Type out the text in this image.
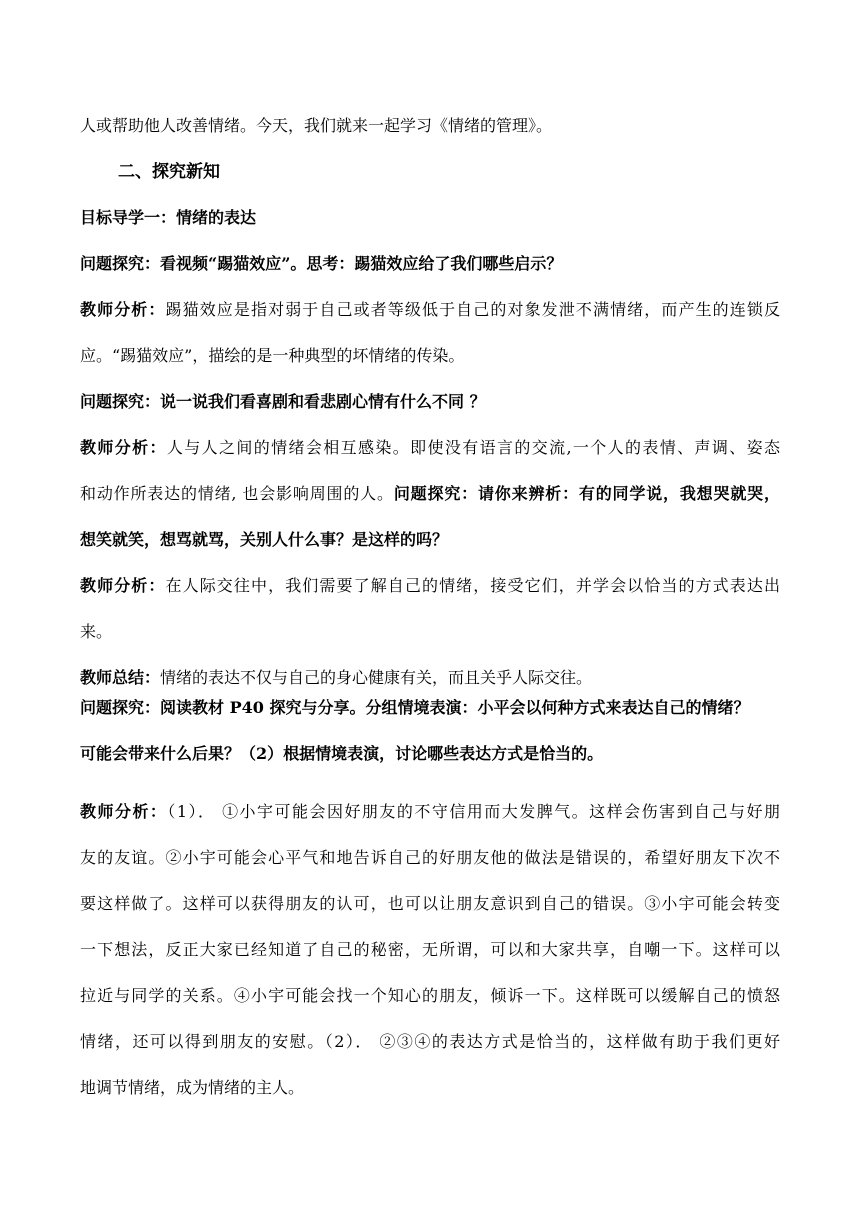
人或帮助他人改善情绪。今天，我们就来一起学习《情绪的管理》。
二、探究新知
目标导学一：情绪的表达
问题探究：看视频“踢猫效应”。思考：踢猫效应给了我们哪些启示？
教师分析：踢猫效应是指对弱于自己或者等级低于自己的对象发泄不满情绪，而产生的连锁反
应。“踢猫效应”，描绘的是一种典型的坏情绪的传染。
问题探究：说一说我们看喜剧和看悲剧心情有什么不同 ？
教师分析：人与人之间的情绪会相互感染。即使没有语言的交流,一个人的表情、声调、姿态
和动作所表达的情绪, 也会影响周围的人。问题探究：请你来辨析：有的同学说，我想哭就哭，
想笑就笑，想骂就骂，关别人什么事？是这样的吗？
教师分析：在人际交往中，我们需要了解自己的情绪，接受它们，并学会以恰当的方式表达出
来。
教师总结：情绪的表达不仅与自己的身心健康有关，而且关乎人际交往。
问题探究：阅读教材 P40 探究与分享。分组情境表演：小平会以何种方式来表达自己的情绪？
可能会带来什么后果？（2）根据情境表演，讨论哪些表达方式是恰当的。
教师分析：（1）． ①小宇可能会因好朋友的不守信用而大发脾气。这样会伤害到自己与好朋
友的友谊。②小宇可能会心平气和地告诉自己的好朋友他的做法是错误的，希望好朋友下次不
要这样做了。这样可以获得朋友的认可，也可以让朋友意识到自己的错误。③小宇可能会转变
一下想法，反正大家已经知道了自己的秘密，无所谓，可以和大家共享，自嘲一下。这样可以
拉近与同学的关系。④小宇可能会找一个知心的朋友，倾诉一下。这样既可以缓解自己的愤怒
情绪，还可以得到朋友的安慰。（2）． ②③④的表达方式是恰当的，这样做有助于我们更好
地调节情绪，成为情绪的主人。
